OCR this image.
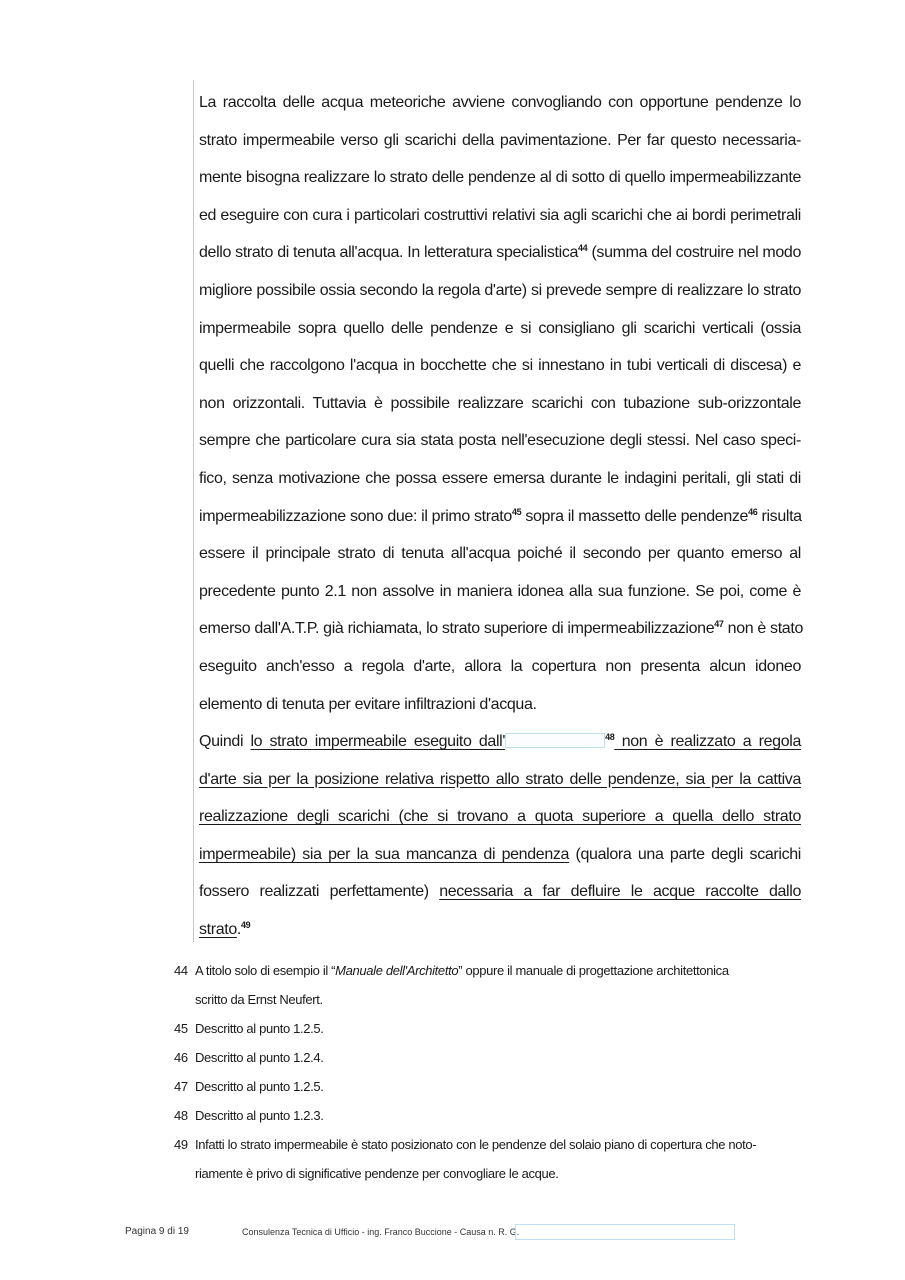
La raccolta delle acqua meteoriche avviene convogliando con opportune pendenze lo
strato impermeabile verso gli scarichi della pavimentazione. Per far questo necessaria-
mente bisogna realizzare lo strato delle pendenze al di sotto di quello impermeabilizzante
ed eseguire con cura i particolari costruttivi relativi sia agli scarichi che ai bordi perimetrali
dello strato di tenuta all'acqua. In letteratura specialistica$^{44}$ (summa del costruire nel modo
migliore possibile ossia secondo la regola d'arte) si prevede sempre di realizzare lo strato
impermeabile sopra quello delle pendenze e si consigliano gli scarichi verticali (ossia
quelli che raccolgono l'acqua in bocchette che si innestano in tubi verticali di discesa) e
non orizzontali. Tuttavia è possibile realizzare scarichi con tubazione sub-orizzontale
sempre che particolare cura sia stata posta nell'esecuzione degli stessi. Nel caso speci-
fico, senza motivazione che possa essere emersa durante le indagini peritali, gli stati di
impermeabilizzazione sono due: il primo strato$^{45}$ sopra il massetto delle pendenze$^{46}$ risulta
essere il principale strato di tenuta all'acqua poiché il secondo per quanto emerso al
precedente punto 2.1 non assolve in maniera idonea alla sua funzione. Se poi, come è
emerso dall'A.T.P. già richiamata, lo strato superiore di impermeabilizzazione$^{47}$ non è stato
eseguito anch'esso a regola d'arte, allora la copertura non presenta alcun idoneo
elemento di tenuta per evitare infiltrazioni d'acqua.
Quindi lo strato impermeabile eseguito dall'	$^{48}$ non è realizzato a regola
d'arte sia per la posizione relativa rispetto allo strato delle pendenze, sia per la cattiva
realizzazione degli scarichi (che si trovano a quota superiore a quella dello strato
impermeabile) sia per la sua mancanza di pendenza (qualora una parte degli scarichi
fossero realizzati perfettamente) necessaria a far defluire le acque raccolte dallo
strato.$^{49}$
44 A titolo solo di esempio il “Manuale dell'Architetto” oppure il manuale di progettazione architettonica
scritto da Ernst Neufert.
45 Descritto al punto 1.2.5.
46 Descritto al punto 1.2.4.
47 Descritto al punto 1.2.5.
48 Descritto al punto 1.2.3.
49 Infatti lo strato impermeabile è stato posizionato con le pendenze del solaio piano di copertura che noto-
riamente è privo di significative pendenze per convogliare le acque.
Pagina 9 di 19	Consulenza Tecnica di Ufficio - ing. Franco Buccione - Causa n. R. G.
